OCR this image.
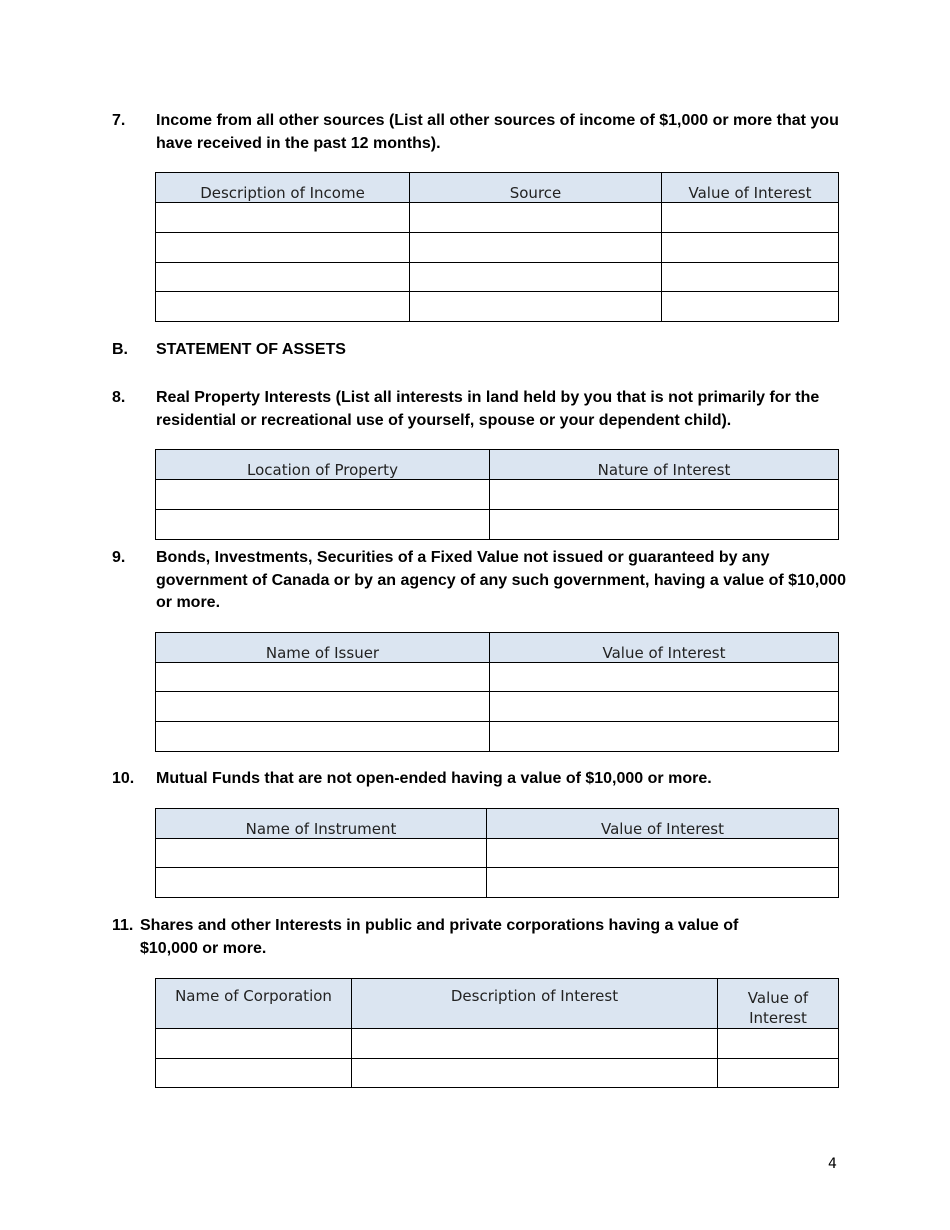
7. Income from all other sources (List all other sources of income of $1,000 or more that you have received in the past 12 months).
Description of Income	Source	Value of Interest

B. STATEMENT OF ASSETS
8. Real Property Interests (List all interests in land held by you that is not primarily for the residential or recreational use of yourself, spouse or your dependent child).
Location of Property	Nature of Interest

9. Bonds, Investments, Securities of a Fixed Value not issued or guaranteed by any government of Canada or by an agency of any such government, having a value of $10,000 or more.
Name of Issuer	Value of Interest

10. Mutual Funds that are not open-ended having a value of $10,000 or more.
Name of Instrument	Value of Interest

11. Shares and other Interests in public and private corporations having a value of $10,000 or more.
Name of Corporation	Description of Interest	Value of Interest

4
